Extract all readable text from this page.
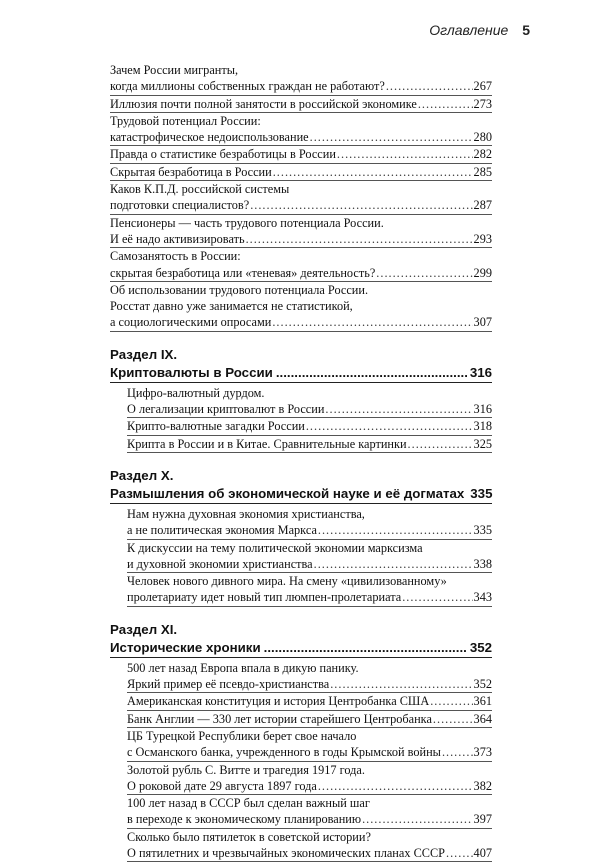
Оглавление 5
Зачем России мигранты,
когда миллионы собственных граждан не работают? .....	267
Иллюзия почти полной занятости в российской экономике .....	273
Трудовой потенциал России:
катастрофическое недоиспользование .....	280
Правда о статистике безработицы в России .....	282
Скрытая безработица в России .....	285
Каков К.П.Д. российской системы
подготовки специалистов? .....	287
Пенсионеры — часть трудового потенциала России.
И её надо активизировать .....	293
Самозанятость в России:
скрытая безработица или «теневая» деятельность? .....	299
Об использовании трудового потенциала России.
Росстат давно уже занимается не статистикой,
а социологическими опросами .....	307
Раздел IX.
Криптовалюты в России .....	316
Цифро-валютный дурдом.
О легализации криптовалют в России .....	316
Крипто-валютные загадки России .....	318
Крипта в России и в Китае. Сравнительные картинки .....	325
Раздел X.
Размышления об экономической науке и её догматах 335
Нам нужна духовная экономия христианства,
а не политическая экономия Маркса .....	335
К дискуссии на тему политической экономии марксизма
и духовной экономии христианства .....	338
Человек нового дивного мира. На смену «цивилизованному»
пролетариату идет новый тип люмпен-пролетариата .....	343
Раздел XI.
Исторические хроники .....	352
500 лет назад Европа впала в дикую панику.
Яркий пример её псевдо-христианства .....	352
Американская конституция и история Центробанка США .....	361
Банк Англии — 330 лет истории старейшего Центробанка .....	364
ЦБ Турецкой Республики берет свое начало
с Османского банка, учрежденного в годы Крымской войны .....	373
Золотой рубль С. Витте и трагедия 1917 года.
О роковой дате 29 августа 1897 года .....	382
100 лет назад в СССР был сделан важный шаг
в переходе к экономическому планированию .....	397
Сколько было пятилеток в советской истории?
О пятилетних и чрезвычайных экономических планах СССР ..... 407
